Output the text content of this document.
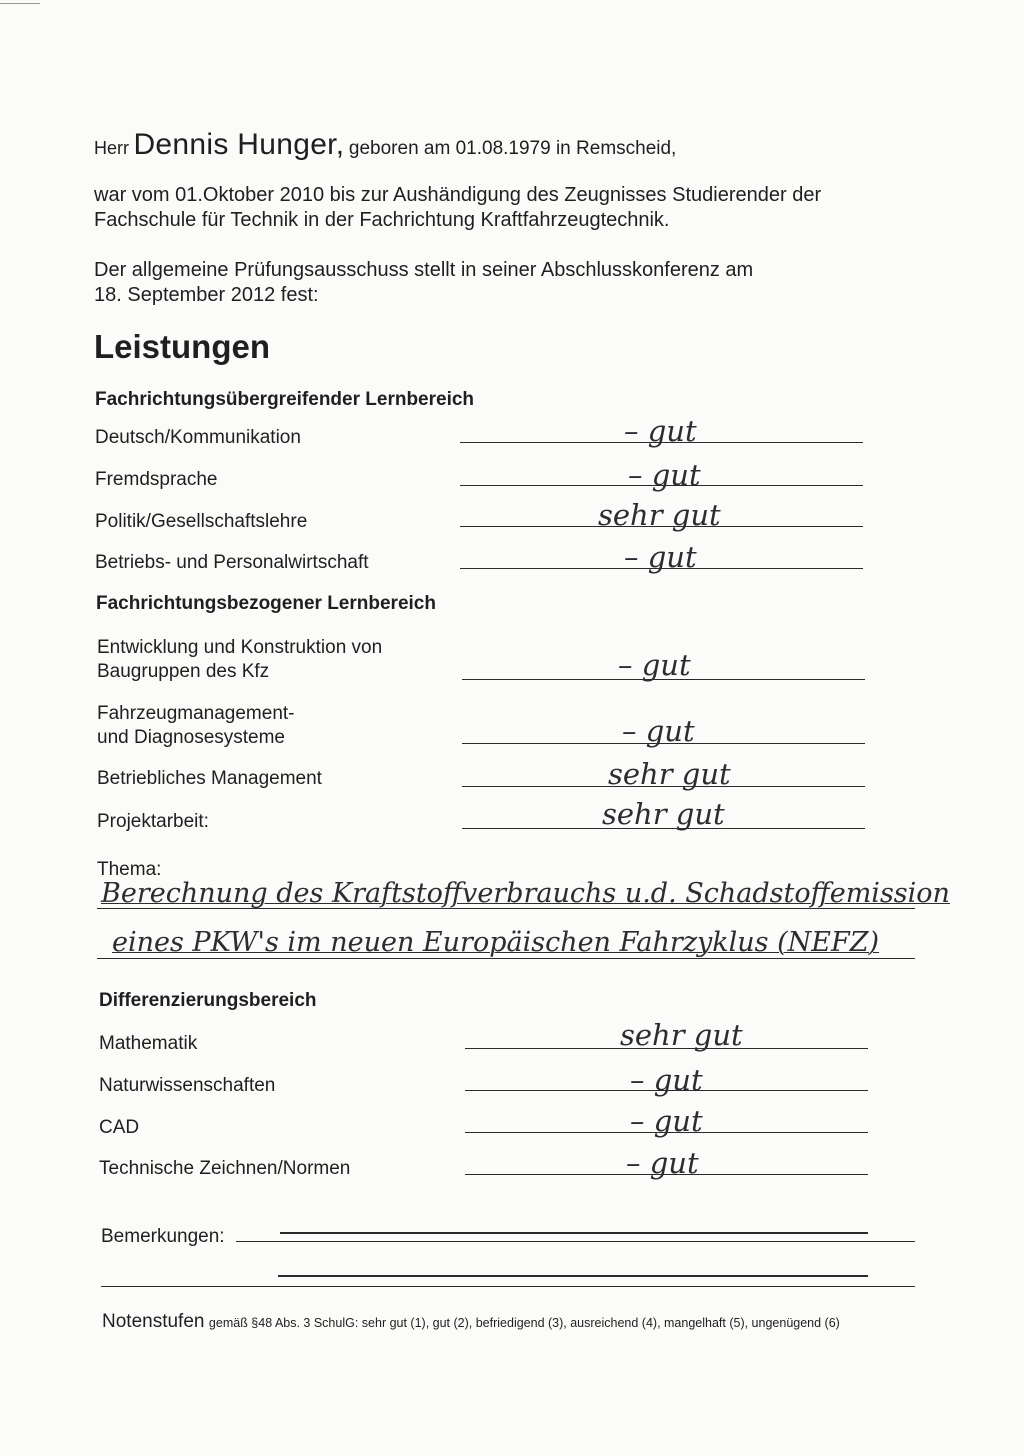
Herr Dennis Hunger, geboren am 01.08.1979 in Remscheid,
war vom 01.Oktober 2010 bis zur Aushändigung des Zeugnisses Studierender der
Fachschule für Technik in der Fachrichtung Kraftfahrzeugtechnik.
Der allgemeine Prüfungsausschuss stellt in seiner Abschlusskonferenz am
18. September 2012 fest:
Leistungen
Fachrichtungsübergreifender Lernbereich
Deutsch/Kommunikation	– gut
Fremdsprache	– gut
Politik/Gesellschaftslehre	sehr gut
Betriebs- und Personalwirtschaft	– gut
Fachrichtungsbezogener Lernbereich
Entwicklung und Konstruktion von
Baugruppen des Kfz	– gut
Fahrzeugmanagement-
und Diagnosesysteme	– gut
Betriebliches Management	sehr gut
Projektarbeit:	sehr gut
Thema:
Berechnung des Kraftstoffverbrauchs u.d. Schadstoffemission
eines PKW's im neuen Europäischen Fahrzyklus (NEFZ)
Differenzierungsbereich
Mathematik	sehr gut
Naturwissenschaften	– gut
CAD	– gut
Technische Zeichnen/Normen	– gut
Bemerkungen:
Notenstufen gemäß §48 Abs. 3 SchulG: sehr gut (1), gut (2), befriedigend (3), ausreichend (4), mangelhaft (5), ungenügend (6)
